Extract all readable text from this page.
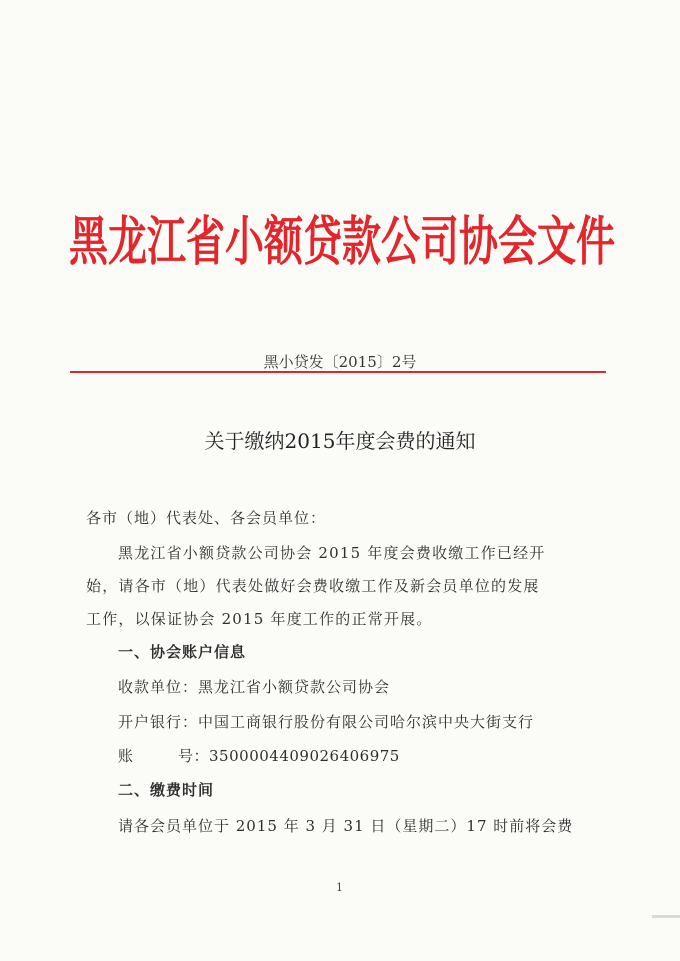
黑龙江省小额贷款公司协会文件
黑小贷发〔2015〕2号
关于缴纳2015年度会费的通知
各市（地）代表处、各会员单位：
黑龙江省小额贷款公司协会 2015 年度会费收缴工作已经开
始，请各市（地）代表处做好会费收缴工作及新会员单位的发展
工作，以保证协会 2015 年度工作的正常开展。
一、协会账户信息
收款单位：黑龙江省小额贷款公司协会
开户银行：中国工商银行股份有限公司哈尔滨中央大街支行
账	号：3500004409026406975
二、缴费时间
请各会员单位于 2015 年 3 月 31 日（星期二）17 时前将会费
1
